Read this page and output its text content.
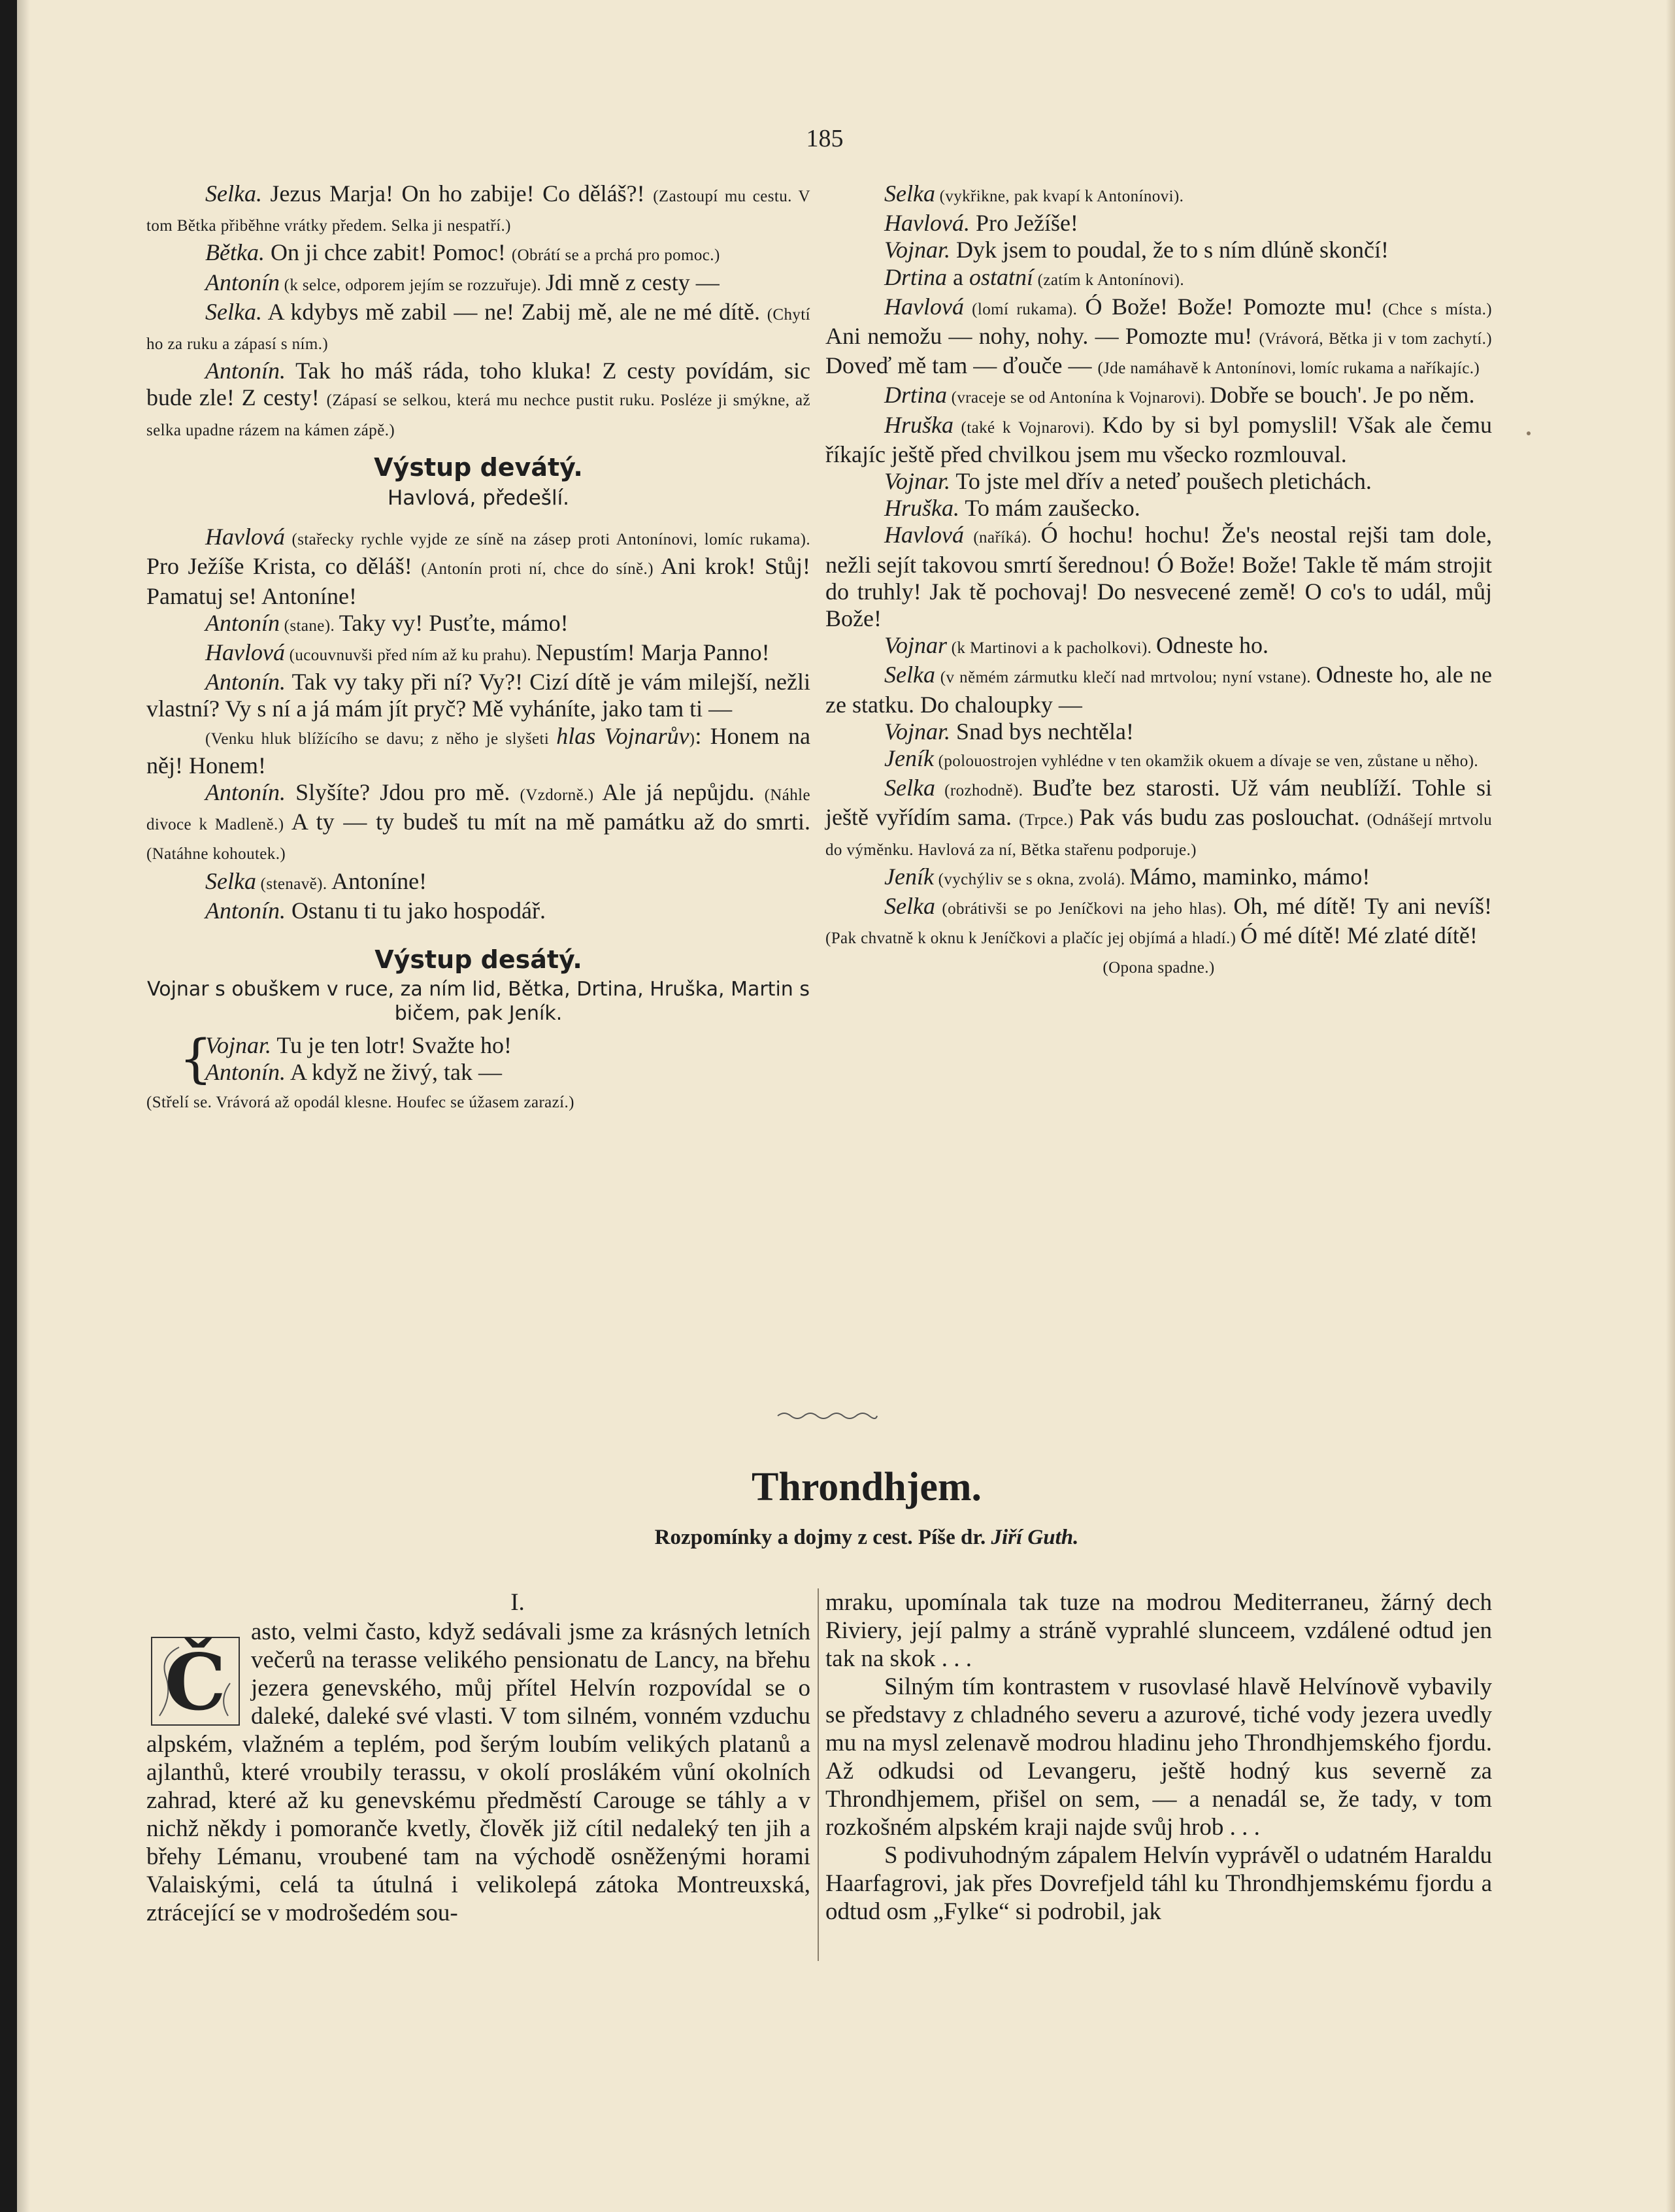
185

Selka. Jezus Marja! On ho zabije! Co děláš?! (Zastoupí mu cestu. V tom Bětka přiběhne vrátky předem. Selka ji nespatří.)

Bětka. On ji chce zabit! Pomoc! (Obrátí se a prchá pro pomoc.)

Antonín (k selce, odporem jejím se rozzuřuje). Jdi mně z cesty —

Selka. A kdybys mě zabil — ne! Zabij mě, ale ne mé dítě. (Chytí ho za ruku a zápasí s ním.)

Antonín. Tak ho máš ráda, toho kluka! Z cesty povídám, sic bude zle! Z cesty! (Zápasí se selkou, která mu nechce pustit ruku. Posléze ji smýkne, až selka upadne rázem na kámen zápě.)

Výstup devátý.
Havlová, předešlí.

Havlová (stařecky rychle vyjde ze síně na zásep proti Antonínovi, lomíc rukama). Pro Ježíše Krista, co děláš! (Antonín proti ní, chce do síně.) Ani krok! Stůj! Pamatuj se! Antoníne!

Antonín (stane). Taky vy! Pusťte, mámo!

Havlová (ucouvnuvši před ním až ku prahu). Nepustím! Marja Panno!

Antonín. Tak vy taky při ní? Vy?! Cizí dítě je vám milejší, nežli vlastní? Vy s ní a já mám jít pryč? Mě vyháníte, jako tam ti —

(Venku hluk blížícího se davu; z něho je slyšeti hlas Vojnarův): Honem na něj! Honem!

Antonín. Slyšíte? Jdou pro mě. (Vzdorně.) Ale já nepůjdu. (Náhle divoce k Madleně.) A ty — ty budeš tu mít na mě památku až do smrti. (Natáhne kohoutek.)

Selka (stenavě). Antoníne!

Antonín. Ostanu ti tu jako hospodář.

Výstup desátý.
Vojnar s obuškem v ruce, za ním lid, Bětka, Drtina, Hruška, Martin s bičem, pak Jeník.
{

Vojnar. Tu je ten lotr! Svažte ho!

Antonín. A když ne živý, tak —

(Střelí se. Vrávorá až opodál klesne. Houfec se úžasem zarazí.)

Selka (vykřikne, pak kvapí k Antonínovi).

Havlová. Pro Ježíše!

Vojnar. Dyk jsem to poudal, že to s ním dlúně skončí!

Drtina a ostatní (zatím k Antonínovi).

Havlová (lomí rukama). Ó Bože! Bože! Pomozte mu! (Chce s místa.) Ani nemožu — nohy, nohy. — Pomozte mu! (Vrávorá, Bětka ji v tom zachytí.) Doveď mě tam — ďouče — (Jde namáhavě k Antonínovi, lomíc rukama a naříkajíc.)

Drtina (vraceje se od Antonína k Vojnarovi). Dobře se bouch'. Je po něm.

Hruška (také k Vojnarovi). Kdo by si byl pomyslil! Však ale čemu říkajíc ještě před chvilkou jsem mu všecko rozmlouval.

Vojnar. To jste mel dřív a neteď poušech pletichách.

Hruška. To mám zaušecko.

Havlová (naříká). Ó hochu! hochu! Že's neostal rejši tam dole, nežli sejít takovou smrtí šerednou! Ó Bože! Bože! Takle tě mám strojit do truhly! Jak tě pochovaj! Do nesvecené země! O co's to udál, můj Bože!

Vojnar (k Martinovi a k pacholkovi). Odneste ho.

Selka (v němém zármutku klečí nad mrtvolou; nyní vstane). Odneste ho, ale ne ze statku. Do chaloupky —

Vojnar. Snad bys nechtěla!

Jeník (polouostrojen vyhlédne v ten okamžik okuem a dívaje se ven, zůstane u něho).

Selka (rozhodně). Buďte bez starosti. Už vám neublíží. Tohle si ještě vyřídím sama. (Trpce.) Pak vás budu zas poslouchat. (Odnášejí mrtvolu do výměnku. Havlová za ní, Bětka stařenu podporuje.)

Jeník (vychýliv se s okna, zvolá). Mámo, maminko, mámo!

Selka (obrátivši se po Jeníčkovi na jeho hlas). Oh, mé dítě! Ty ani nevíš! (Pak chvatně k oknu k Jeníčkovi a plačíc jej objímá a hladí.) Ó mé dítě! Mé zlaté dítě!

(Opona spadne.)

Throndhjem.
Rozpomínky a dojmy z cest. Píše dr. Jiří Guth.
I.
Č

asto, velmi často, když sedávali jsme za krásných letních večerů na terasse velikého pensionatu de Lancy, na břehu jezera genevského, můj přítel Helvín rozpovídal se o daleké, daleké své vlasti. V tom silném, vonném vzduchu alpském, vlažném a teplém, pod šerým loubím velikých platanů a ajlanthů, které vroubily terassu, v okolí proslákém vůní okolních zahrad, které až ku genevskému předměstí Carouge se táhly a v nichž někdy i pomoranče kvetly, člověk již cítil nedaleký ten jih a břehy Lémanu, vroubené tam na východě osněženými horami Valaiskými, celá ta útulná i velikolepá zátoka Montreuxská, ztrácející se v modrošedém sou-

mraku, upomínala tak tuze na modrou Mediterraneu, žárný dech Riviery, její palmy a stráně vyprahlé slunceem, vzdálené odtud jen tak na skok . . .

Silným tím kontrastem v rusovlasé hlavě Helvínově vybavily se představy z chladného severu a azurové, tiché vody jezera uvedly mu na mysl zelenavě modrou hladinu jeho Throndhjemského fjordu. Až odkudsi od Levangeru, ještě hodný kus severně za Throndhjemem, přišel on sem, — a nenadál se, že tady, v tom rozkošném alpském kraji najde svůj hrob . . .

S podivuhodným zápalem Helvín vyprávěl o udatném Haraldu Haarfagrovi, jak přes Dovrefjeld táhl ku Throndhjemskému fjordu a odtud osm „Fylke“ si podrobil, jak
